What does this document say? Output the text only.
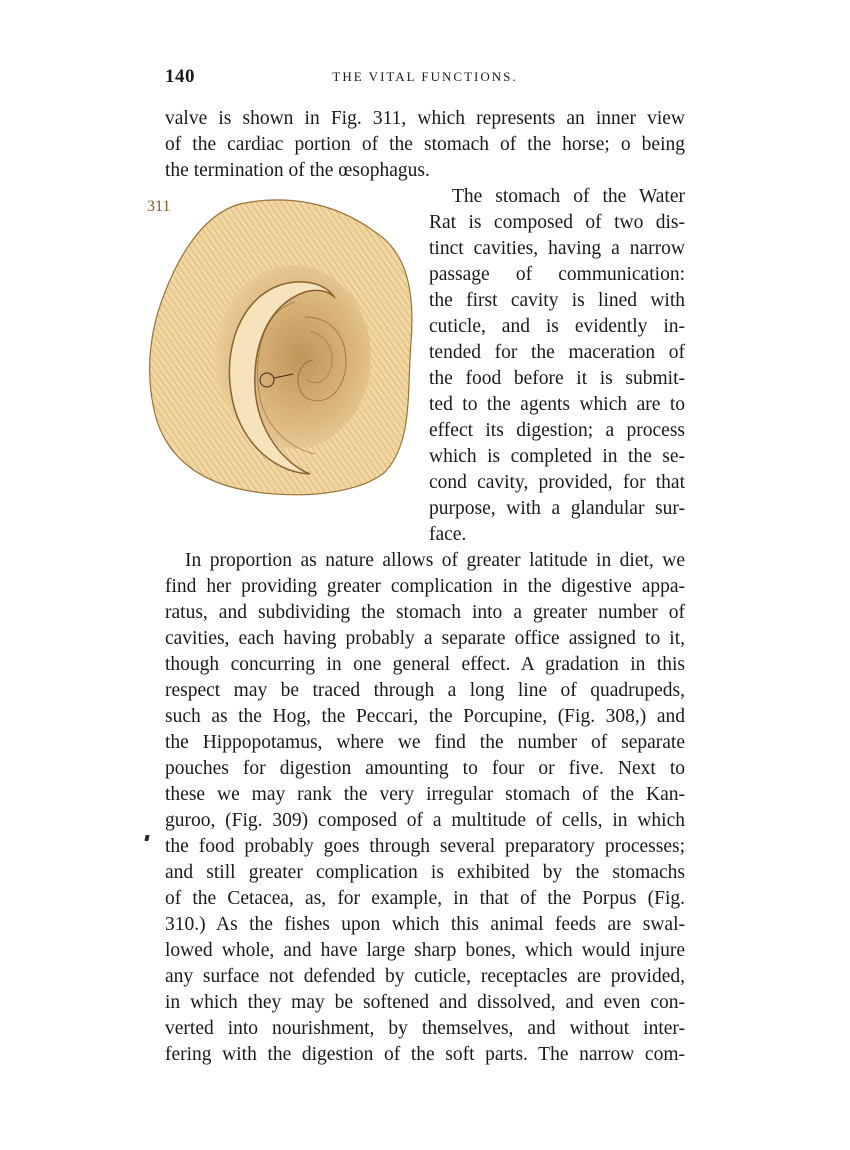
140	THE VITAL FUNCTIONS.
valve is shown in Fig. 311, which represents an inner view
of the cardiac portion of the stomach of the horse; o being
the termination of the œsophagus.
311	The stomach of the Water
Rat is composed of two dis-
tinct cavities, having a narrow
passage of communication:
the first cavity is lined with
cuticle, and is evidently in-
tended for the maceration of
the food before it is submit-
ted to the agents which are to
effect its digestion; a process
which is completed in the se-
cond cavity, provided, for that
purpose, with a glandular sur-
face.
In proportion as nature allows of greater latitude in diet, we
find her providing greater complication in the digestive appa-
ratus, and subdividing the stomach into a greater number of
cavities, each having probably a separate office assigned to it,
though concurring in one general effect. A gradation in this
respect may be traced through a long line of quadrupeds,
such as the Hog, the Peccari, the Porcupine, (Fig. 308,) and
the Hippopotamus, where we find the number of separate
pouches for digestion amounting to four or five. Next to
these we may rank the very irregular stomach of the Kan-
guroo, (Fig. 309) composed of a multitude of cells, in which
the food probably goes through several preparatory processes;
and still greater complication is exhibited by the stomachs
of the Cetacea, as, for example, in that of the Porpus (Fig.
310.) As the fishes upon which this animal feeds are swal-
lowed whole, and have large sharp bones, which would injure
any surface not defended by cuticle, receptacles are provided,
in which they may be softened and dissolved, and even con-
verted into nourishment, by themselves, and without inter-
fering with the digestion of the soft parts. The narrow com-
